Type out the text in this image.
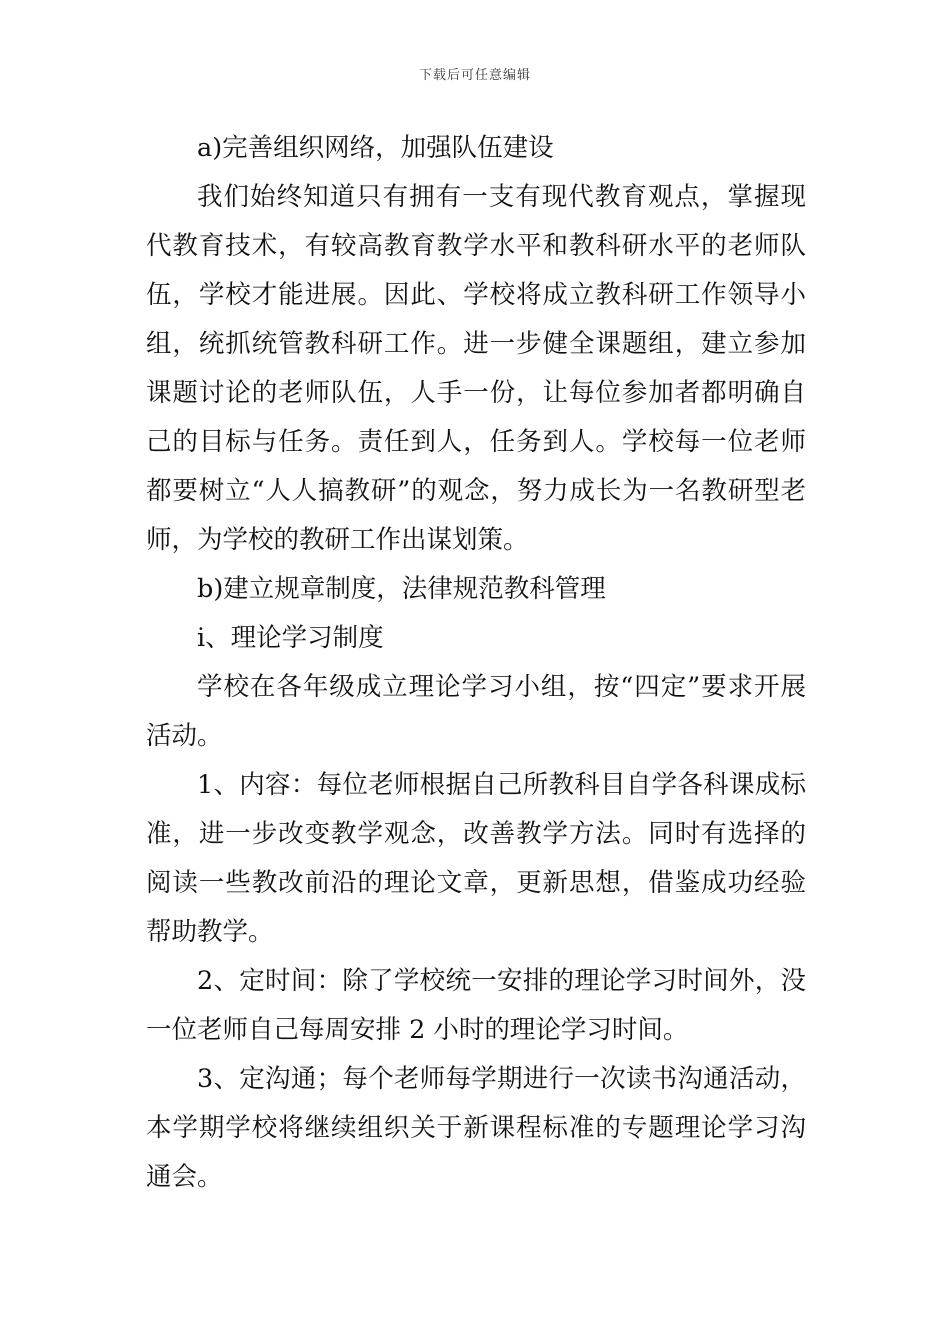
下载后可任意编辑

a)完善组织网络，加强队伍建设

我们始终知道只有拥有一支有现代教育观点，掌握现代教育技术，有较高教育教学水平和教科研水平的老师队伍，学校才能进展。因此、学校将成立教科研工作领导小组，统抓统管教科研工作。进一步健全课题组，建立参加课题讨论的老师队伍，人手一份，让每位参加者都明确自己的目标与任务。责任到人，任务到人。学校每一位老师都要树立“人人搞教研”的观念，努力成长为一名教研型老师，为学校的教研工作出谋划策。

b)建立规章制度，法律规范教科管理

i、理论学习制度

学校在各年级成立理论学习小组，按“四定”要求开展活动。

1、内容：每位老师根据自己所教科目自学各科课成标准，进一步改变教学观念，改善教学方法。同时有选择的阅读一些教改前沿的理论文章，更新思想，借鉴成功经验帮助教学。

2、定时间：除了学校统一安排的理论学习时间外，没一位老师自己每周安排 2 小时的理论学习时间。

3、定沟通；每个老师每学期进行一次读书沟通活动，本学期学校将继续组织关于新课程标准的专题理论学习沟通会。
